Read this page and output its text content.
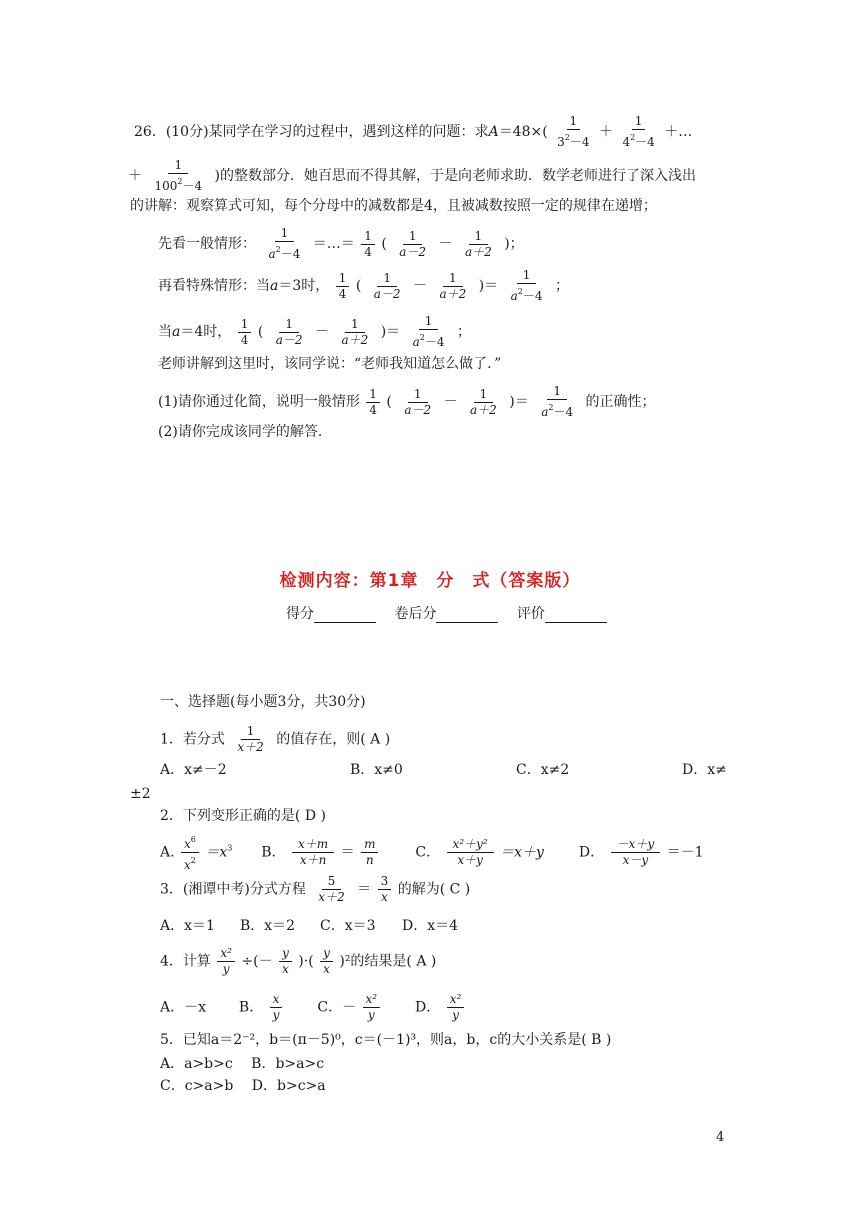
26．(10分)某同学在学习的过程中，遇到这样的问题：求$A=48\times( \frac{1}{3^2-4} + \frac{1}{4^2-4}$ ＋…
＋ $\frac{1}{100^2-4}$ )的整数部分．她百思而不得其解，于是向老师求助．数学老师进行了深入浅出
的讲解：观察算式可知，每个分母中的减数都是4，且被减数按照一定的规律在递增；
先看一般情形： $\frac{1}{a^2-4}$ ＝…＝ $\frac{1}{4}$ ( $\frac{1}{a-2} - \frac{1}{a+2}$ )；
再看特殊情形：当a＝3时， $\frac{1}{4}$ ( $\frac{1}{a-2} - \frac{1}{a+2}$ )＝ $\frac{1}{a^2-4}$ ；
当a＝4时， $\frac{1}{4}$ ( $\frac{1}{a-2} - \frac{1}{a+2}$ )＝ $\frac{1}{a^2-4}$ ；
老师讲解到这里时，该同学说：“老师我知道怎么做了．”
(1)请你通过化简，说明一般情形 $\frac{1}{4}$ ( $\frac{1}{a-2} - \frac{1}{a+2}$ )＝ $\frac{1}{a^2-4}$ 的正确性；
(2)请你完成该同学的解答．
检测内容：第1章　分　式（答案版）
得分	卷后分	评价
一、选择题(每小题3分，共30分)
1．若分式 $\frac{1}{x+2}$ 的值存在，则( A )
A．x≠－2	B．x≠0	C．x≠2	D．x≠
±2
2．下列变形正确的是( D )
A. $\frac{x^6}{x^2} =x^3$ B． $\frac{x+m}{x+n} = \frac{m}{n}$	C． $\frac{\text{x²＋y²}}{x+y} =x+y$ D． $\frac{-x+y}{x-y} =-1$
3．(湘谭中考)分式方程 $\frac{5}{x+2} = \frac{3}{x}$ 的解为( C )
A．x＝1 B．x＝2 C．x＝3 D．x＝4
4．计算 $\frac{\text{x²}}{y}$ ÷(－ $\frac{y}{x}$ )·( $\frac{y}{x} )^2$的结果是( A )
A．－x B． $\frac{x}{y}$ C．－ $\frac{\text{x²}}{y}$ D． $\frac{\text{x²}}{y}$
5．已知a＝2⁻²，b＝(π－5)⁰，c＝(－1)³，则a，b，c的大小关系是( B )
A．a>b>c　 B．b>a>c
C．c>a>b　 D．b>c>a
4
